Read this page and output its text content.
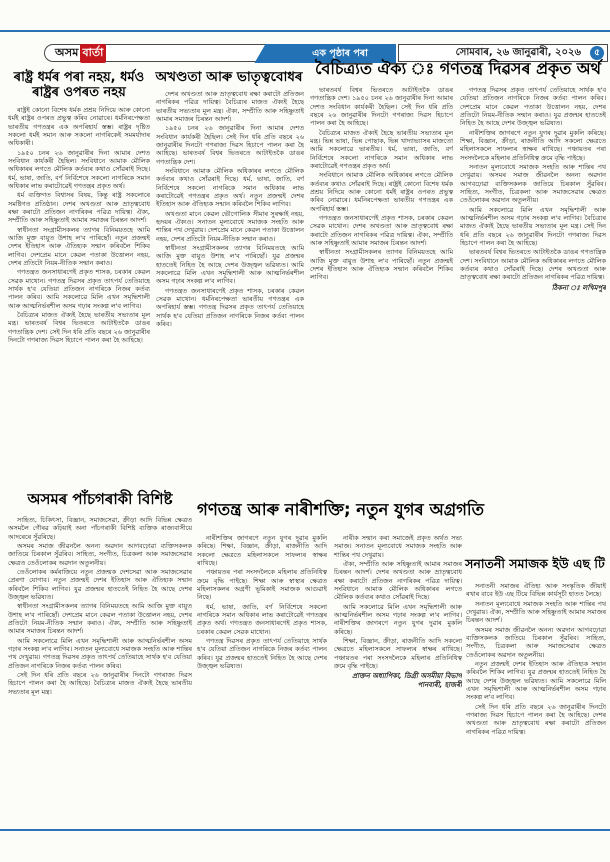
অসম বাৰ্তা	এক পৃষ্ঠাৰ পৰা	সোমবাৰ, ২৬ জানুৱাৰী, ২০২৬	৫
ৰাষ্ট্ৰ ধৰ্মৰ পৰা নহয়, ধৰ্মও ৰাষ্ট্ৰৰ ওপৰত নহয়

ৰাষ্ট্ৰই কোনো বিশেষ ধৰ্মক প্ৰশ্ৰয় নিদিয়ে আৰু কোনো ধৰ্মই ৰাষ্ট্ৰৰ ওপৰত প্ৰভুত্ব কৰিব নোৱাৰে। ধৰ্মনিৰপেক্ষতা ভাৰতীয় গণতন্ত্ৰৰ এক অপৰিহাৰ্য স্তম্ভ। ৰাষ্ট্ৰৰ দৃষ্টিত সকলো ধৰ্মই সমান আৰু সকলো নাগৰিকেই সমমৰ্যাদাৰ অধিকাৰী।

১৯৫০ চনৰ ২৬ জানুৱাৰীৰ দিনা আমাৰ দেশত সংবিধান কাৰ্যকৰী হৈছিল। সংবিধানে আমাক মৌলিক অধিকাৰৰ লগতে মৌলিক কৰ্তব্যৰ কথাও সোঁৱৰাই দিছে। ধৰ্ম, ভাষা, জাতি, বৰ্ণ নিৰ্বিশেষে সকলো নাগৰিকে সমান অধিকাৰ লাভ কৰাটোৱেই গণতন্ত্ৰৰ প্ৰকৃত অৰ্থ।

ধৰ্ম ব্যক্তিগত বিশ্বাসৰ বিষয়, কিন্তু ৰাষ্ট্ৰ সকলোৰে সমষ্টিগত প্ৰতিষ্ঠান। দেশৰ অখণ্ডতা আৰু ভ্ৰাতৃত্ববোধ ৰক্ষা কৰাটো প্ৰতিজন নাগৰিকৰ পৱিত্ৰ দায়িত্ব। ঐক্য, সম্প্ৰীতি আৰু সহিষ্ণুতাই আমাৰ সমাজৰ চিৰন্তন আদৰ্শ।

স্বাধীনতা সংগ্ৰামীসকলৰ ত্যাগৰ বিনিময়তহে আমি আজি মুক্ত বায়ুত উশাহ ল'ব পাৰিছোঁ। নতুন প্ৰজন্মই দেশৰ ইতিহাস আৰু ঐতিহ্যক সন্মান কৰিবলৈ শিকিব লাগিব। দেশপ্ৰেম মানে কেৱল পতাকা উত্তোলন নহয়, দেশৰ প্ৰতিটো নিয়ম-নীতিক সন্মান কৰাও।

গণতন্ত্ৰত জনসাধাৰণেই প্ৰকৃত শাসক, চৰকাৰ কেৱল সেৱক মাথোন। গণতন্ত্ৰ দিৱসৰ প্ৰকৃত তাৎপৰ্য তেতিয়াহে সাৰ্থক হ'ব যেতিয়া প্ৰতিজন নাগৰিকে নিজৰ কৰ্তব্য পালন কৰিব। আমি সকলোৱে মিলি এখন সমৃদ্ধিশালী আৰু আত্মনিৰ্ভৰশীল অসম গঢ়াৰ সংকল্প ল'ব লাগিব।

বৈচিত্ৰ্যৰ মাজত ঐক্যই হৈছে ভাৰতীয় সভ্যতাৰ মূল মন্ত্ৰ। ভাৰতবৰ্ষ বিশ্বৰ ভিতৰতে আটাইতকৈ ডাঙৰ গণতান্ত্ৰিক দেশ। সেই দিন ধৰি প্ৰতি বছৰে ২৬ জানুৱাৰীৰ দিনটো গণৰাজ্য দিৱস হিচাপে পালন কৰা হৈ আহিছে।

অখণ্ডতা আৰু ভাতৃত্ববোধৰ

দেশৰ অখণ্ডতা আৰু ভ্ৰাতৃত্ববোধ ৰক্ষা কৰাটো প্ৰতিজন নাগৰিকৰ পৱিত্ৰ দায়িত্ব। বৈচিত্ৰ্যৰ মাজত ঐক্যই হৈছে ভাৰতীয় সভ্যতাৰ মূল মন্ত্ৰ। ঐক্য, সম্প্ৰীতি আৰু সহিষ্ণুতাই আমাৰ সমাজৰ চিৰন্তন আদৰ্শ।

১৯৫০ চনৰ ২৬ জানুৱাৰীৰ দিনা আমাৰ দেশত সংবিধান কাৰ্যকৰী হৈছিল। সেই দিন ধৰি প্ৰতি বছৰে ২৬ জানুৱাৰীৰ দিনটো গণৰাজ্য দিৱস হিচাপে পালন কৰা হৈ আহিছে। ভাৰতবৰ্ষ বিশ্বৰ ভিতৰতে আটাইতকৈ ডাঙৰ গণতান্ত্ৰিক দেশ।

সংবিধানে আমাক মৌলিক অধিকাৰৰ লগতে মৌলিক কৰ্তব্যৰ কথাও সোঁৱৰাই দিছে। ধৰ্ম, ভাষা, জাতি, বৰ্ণ নিৰ্বিশেষে সকলো নাগৰিকে সমান অধিকাৰ লাভ কৰাটোৱেই গণতন্ত্ৰৰ প্ৰকৃত অৰ্থ। নতুন প্ৰজন্মই দেশৰ ইতিহাস আৰু ঐতিহ্যক সন্মান কৰিবলৈ শিকিব লাগিব।

অখণ্ডতা মানে কেৱল ভৌগোলিক সীমাৰ সুৰক্ষাই নহয়, হৃদয়ৰ ঐক্যও। সনাতন মূল্যবোধে সমাজক সংহতি আৰু শান্তিৰ পথ দেখুৱায়। দেশপ্ৰেম মানে কেৱল পতাকা উত্তোলন নহয়, দেশৰ প্ৰতিটো নিয়ম-নীতিক সন্মান কৰাও।

স্বাধীনতা সংগ্ৰামীসকলৰ ত্যাগৰ বিনিময়তহে আমি আজি মুক্ত বায়ুত উশাহ ল'ব পাৰিছোঁ। যুৱ প্ৰজন্মৰ হাততেই নিহিত হৈ আছে দেশৰ উজ্জ্বল ভৱিষ্যত। আমি সকলোৱে মিলি এখন সমৃদ্ধিশালী আৰু আত্মনিৰ্ভৰশীল অসম গঢ়াৰ সংকল্প ল'ব লাগিব।

গণতন্ত্ৰত জনসাধাৰণেই প্ৰকৃত শাসক, চৰকাৰ কেৱল সেৱক মাথোন। ধৰ্মনিৰপেক্ষতা ভাৰতীয় গণতন্ত্ৰৰ এক অপৰিহাৰ্য স্তম্ভ। গণতন্ত্ৰ দিৱসৰ প্ৰকৃত তাৎপৰ্য তেতিয়াহে সাৰ্থক হ'ব যেতিয়া প্ৰতিজন নাগৰিকে নিজৰ কৰ্তব্য পালন কৰিব।

বৈচিত্ৰ্যত ঐক্য ঃ গণতন্ত্ৰ দিৱসৰ প্ৰকৃত অৰ্থ

ভাৰতবৰ্ষ বিশ্বৰ ভিতৰতে আটাইতকৈ ডাঙৰ গণতান্ত্ৰিক দেশ। ১৯৫০ চনৰ ২৬ জানুৱাৰীৰ দিনা আমাৰ দেশত সংবিধান কাৰ্যকৰী হৈছিল। সেই দিন ধৰি প্ৰতি বছৰে ২৬ জানুৱাৰীৰ দিনটো গণৰাজ্য দিৱস হিচাপে পালন কৰা হৈ আহিছে।

বৈচিত্ৰ্যৰ মাজত ঐক্যই হৈছে ভাৰতীয় সভ্যতাৰ মূল মন্ত্ৰ। ভিন্ন ভাষা, ভিন্ন পোছাক, ভিন্ন খাদ্যাভ্যাসৰ মাজতো আমি সকলোৱে ভাৰতীয়। ধৰ্ম, ভাষা, জাতি, বৰ্ণ নিৰ্বিশেষে সকলো নাগৰিকে সমান অধিকাৰ লাভ কৰাটোৱেই গণতন্ত্ৰৰ প্ৰকৃত অৰ্থ।

সংবিধানে আমাক মৌলিক অধিকাৰৰ লগতে মৌলিক কৰ্তব্যৰ কথাও সোঁৱৰাই দিছে। ৰাষ্ট্ৰই কোনো বিশেষ ধৰ্মক প্ৰশ্ৰয় নিদিয়ে আৰু কোনো ধৰ্মই ৰাষ্ট্ৰৰ ওপৰত প্ৰভুত্ব কৰিব নোৱাৰে। ধৰ্মনিৰপেক্ষতা ভাৰতীয় গণতন্ত্ৰৰ এক অপৰিহাৰ্য স্তম্ভ।

গণতন্ত্ৰত জনসাধাৰণেই প্ৰকৃত শাসক, চৰকাৰ কেৱল সেৱক মাথোন। দেশৰ অখণ্ডতা আৰু ভ্ৰাতৃত্ববোধ ৰক্ষা কৰাটো প্ৰতিজন নাগৰিকৰ পৱিত্ৰ দায়িত্ব। ঐক্য, সম্প্ৰীতি আৰু সহিষ্ণুতাই আমাৰ সমাজৰ চিৰন্তন আদৰ্শ।

স্বাধীনতা সংগ্ৰামীসকলৰ ত্যাগৰ বিনিময়তহে আমি আজি মুক্ত বায়ুত উশাহ ল'ব পাৰিছোঁ। নতুন প্ৰজন্মই দেশৰ ইতিহাস আৰু ঐতিহ্যক সন্মান কৰিবলৈ শিকিব লাগিব।

গণতন্ত্ৰ দিৱসৰ প্ৰকৃত তাৎপৰ্য তেতিয়াহে সাৰ্থক হ'ব যেতিয়া প্ৰতিজন নাগৰিকে নিজৰ কৰ্তব্য পালন কৰিব। দেশপ্ৰেম মানে কেৱল পতাকা উত্তোলন নহয়, দেশৰ প্ৰতিটো নিয়ম-নীতিক সন্মান কৰাও। যুৱ প্ৰজন্মৰ হাততেই নিহিত হৈ আছে দেশৰ উজ্জ্বল ভৱিষ্যত।

নাৰীশক্তিৰ জাগৰণে নতুন যুগৰ দুৱাৰ মুকলি কৰিছে। শিক্ষা, বিজ্ঞান, ক্ৰীড়া, ৰাজনীতি আদি সকলো ক্ষেত্ৰতে মহিলাসকলে সাফল্যৰ স্বাক্ষৰ ৰাখিছে। পঞ্চায়তৰ পৰা সংসদলৈকে মহিলাৰ প্ৰতিনিধিত্ব ক্ৰমে বৃদ্ধি পাইছে।

সনাতন মূল্যবোধে সমাজক সংহতি আৰু শান্তিৰ পথ দেখুৱায়। অসমৰ সমাজ জীৱনলৈ অনন্য অৱদান আগবঢ়োৱা ব্যক্তিসকলক জাতিয়ে চিৰকাল সুঁৱৰিব। সাহিত্য, সংগীত, চিত্ৰকলা আৰু সমাজসেৱাৰ ক্ষেত্ৰত তেওঁলোকৰ অৱদান অতুলনীয়।

আমি সকলোৱে মিলি এখন সমৃদ্ধিশালী আৰু আত্মনিৰ্ভৰশীল অসম গঢ়াৰ সংকল্প ল'ব লাগিব। বৈচিত্ৰ্যৰ মাজত ঐক্যই হৈছে ভাৰতীয় সভ্যতাৰ মূল মন্ত্ৰ। সেই দিন ধৰি প্ৰতি বছৰে ২৬ জানুৱাৰীৰ দিনটো গণৰাজ্য দিৱস হিচাপে পালন কৰা হৈ আহিছে।

ভাৰতবৰ্ষ বিশ্বৰ ভিতৰতে আটাইতকৈ ডাঙৰ গণতান্ত্ৰিক দেশ। সংবিধানে আমাক মৌলিক অধিকাৰৰ লগতে মৌলিক কৰ্তব্যৰ কথাও সোঁৱৰাই দিছে। দেশৰ অখণ্ডতা আৰু ভ্ৰাতৃত্ববোধ ৰক্ষা কৰাটো প্ৰতিজন নাগৰিকৰ পৱিত্ৰ দায়িত্ব।

ঠিকনা ঃ লখিমপুৰ
অসমৰ পাঁচগৰাকী বিশিষ্ট

সাহিত্য, চিকিৎসা, বিজ্ঞান, সমাজসেৱা, ক্ৰীড়া আদি বিভিন্ন ক্ষেত্ৰত অসমলৈ গৌৰৱ কঢ়িয়াই অনা পাঁচগৰাকী বিশিষ্ট ব্যক্তিক ৰাজ্যবাসীয়ে আদৰেৰে সুঁৱৰিছে।

অসমৰ সমাজ জীৱনলৈ অনন্য অৱদান আগবঢ়োৱা ব্যক্তিসকলক জাতিয়ে চিৰকাল সুঁৱৰিব। সাহিত্য, সংগীত, চিত্ৰকলা আৰু সমাজসেৱাৰ ক্ষেত্ৰত তেওঁলোকৰ অৱদান অতুলনীয়।

তেওঁলোকৰ কৰ্মৰাজিয়ে নতুন প্ৰজন্মক দেশসেৱা আৰু সমাজসেৱাৰ প্ৰেৰণা যোগাব। নতুন প্ৰজন্মই দেশৰ ইতিহাস আৰু ঐতিহ্যক সন্মান কৰিবলৈ শিকিব লাগিব। যুৱ প্ৰজন্মৰ হাততেই নিহিত হৈ আছে দেশৰ উজ্জ্বল ভৱিষ্যত।

স্বাধীনতা সংগ্ৰামীসকলৰ ত্যাগৰ বিনিময়তহে আমি আজি মুক্ত বায়ুত উশাহ ল'ব পাৰিছোঁ। দেশপ্ৰেম মানে কেৱল পতাকা উত্তোলন নহয়, দেশৰ প্ৰতিটো নিয়ম-নীতিক সন্মান কৰাও। ঐক্য, সম্প্ৰীতি আৰু সহিষ্ণুতাই আমাৰ সমাজৰ চিৰন্তন আদৰ্শ।

আমি সকলোৱে মিলি এখন সমৃদ্ধিশালী আৰু আত্মনিৰ্ভৰশীল অসম গঢ়াৰ সংকল্প ল'ব লাগিব। সনাতন মূল্যবোধে সমাজক সংহতি আৰু শান্তিৰ পথ দেখুৱায়। গণতন্ত্ৰ দিৱসৰ প্ৰকৃত তাৎপৰ্য তেতিয়াহে সাৰ্থক হ'ব যেতিয়া প্ৰতিজন নাগৰিকে নিজৰ কৰ্তব্য পালন কৰিব।

সেই দিন ধৰি প্ৰতি বছৰে ২৬ জানুৱাৰীৰ দিনটো গণৰাজ্য দিৱস হিচাপে পালন কৰা হৈ আহিছে। বৈচিত্ৰ্যৰ মাজত ঐক্যই হৈছে ভাৰতীয় সভ্যতাৰ মূল মন্ত্ৰ।

গণতন্ত্ৰ আৰু নাৰীশক্তি; নতুন যুগৰ অগ্ৰগতি

নাৰীশক্তিৰ জাগৰণে নতুন যুগৰ দুৱাৰ মুকলি কৰিছে। শিক্ষা, বিজ্ঞান, ক্ৰীড়া, ৰাজনীতি আদি সকলো ক্ষেত্ৰতে মহিলাসকলে সাফল্যৰ স্বাক্ষৰ ৰাখিছে।

পঞ্চায়তৰ পৰা সংসদলৈকে মহিলাৰ প্ৰতিনিধিত্ব ক্ৰমে বৃদ্ধি পাইছে। শিক্ষা আৰু স্বাস্থ্যৰ ক্ষেত্ৰত মহিলাসকলৰ অগ্ৰণী ভূমিকাই সমাজক আগুৱাই নিছে।

ধৰ্ম, ভাষা, জাতি, বৰ্ণ নিৰ্বিশেষে সকলো নাগৰিকে সমান অধিকাৰ লাভ কৰাটোৱেই গণতন্ত্ৰৰ প্ৰকৃত অৰ্থ। গণতন্ত্ৰত জনসাধাৰণেই প্ৰকৃত শাসক, চৰকাৰ কেৱল সেৱক মাথোন।

গণতন্ত্ৰ দিৱসৰ প্ৰকৃত তাৎপৰ্য তেতিয়াহে সাৰ্থক হ'ব যেতিয়া প্ৰতিজন নাগৰিকে নিজৰ কৰ্তব্য পালন কৰিব। যুৱ প্ৰজন্মৰ হাততেই নিহিত হৈ আছে দেশৰ উজ্জ্বল ভৱিষ্যত।

নাৰীক সন্মান কৰা সমাজেই প্ৰকৃত অৰ্থত সভ্য সমাজ। সনাতন মূল্যবোধে সমাজক সংহতি আৰু শান্তিৰ পথ দেখুৱায়।

ঐক্য, সম্প্ৰীতি আৰু সহিষ্ণুতাই আমাৰ সমাজৰ চিৰন্তন আদৰ্শ। দেশৰ অখণ্ডতা আৰু ভ্ৰাতৃত্ববোধ ৰক্ষা কৰাটো প্ৰতিজন নাগৰিকৰ পৱিত্ৰ দায়িত্ব। সংবিধানে আমাক মৌলিক অধিকাৰৰ লগতে মৌলিক কৰ্তব্যৰ কথাও সোঁৱৰাই দিছে।

আমি সকলোৱে মিলি এখন সমৃদ্ধিশালী আৰু আত্মনিৰ্ভৰশীল অসম গঢ়াৰ সংকল্প ল'ব লাগিব। নাৰীশক্তিৰ জাগৰণে নতুন যুগৰ দুৱাৰ মুকলি কৰিছে।

শিক্ষা, বিজ্ঞান, ক্ৰীড়া, ৰাজনীতি আদি সকলো ক্ষেত্ৰতে মহিলাসকলে সাফল্যৰ স্বাক্ষৰ ৰাখিছে। পঞ্চায়তৰ পৰা সংসদলৈকে মহিলাৰ প্ৰতিনিধিত্ব ক্ৰমে বৃদ্ধি পাইছে।

প্ৰাক্তন অধ্যাপিকা, ডিগ্ৰী অসমীয়া বিভাগ
পানবাৰী, হাজৰী
সনাতনী সমাজক ইউ এছ টি

সনাতনী সমাজৰ ঐতিহ্য আৰু সংস্কৃতিক জীয়াই ৰখাৰ বাবে ইউ এছ টিয়ে বিভিন্ন কাৰ্যসূচী হাতত লৈছে।

সনাতন মূল্যবোধে সমাজক সংহতি আৰু শান্তিৰ পথ দেখুৱায়। ঐক্য, সম্প্ৰীতি আৰু সহিষ্ণুতাই আমাৰ সমাজৰ চিৰন্তন আদৰ্শ।

অসমৰ সমাজ জীৱনলৈ অনন্য অৱদান আগবঢ়োৱা ব্যক্তিসকলক জাতিয়ে চিৰকাল সুঁৱৰিব। সাহিত্য, সংগীত, চিত্ৰকলা আৰু সমাজসেৱাৰ ক্ষেত্ৰত তেওঁলোকৰ অৱদান অতুলনীয়।

নতুন প্ৰজন্মই দেশৰ ইতিহাস আৰু ঐতিহ্যক সন্মান কৰিবলৈ শিকিব লাগিব। যুৱ প্ৰজন্মৰ হাততেই নিহিত হৈ আছে দেশৰ উজ্জ্বল ভৱিষ্যত। আমি সকলোৱে মিলি এখন সমৃদ্ধিশালী আৰু আত্মনিৰ্ভৰশীল অসম গঢ়াৰ সংকল্প ল'ব লাগিব।

সেই দিন ধৰি প্ৰতি বছৰে ২৬ জানুৱাৰীৰ দিনটো গণৰাজ্য দিৱস হিচাপে পালন কৰা হৈ আহিছে। দেশৰ অখণ্ডতা আৰু ভ্ৰাতৃত্ববোধ ৰক্ষা কৰাটো প্ৰতিজন নাগৰিকৰ পৱিত্ৰ দায়িত্ব।
